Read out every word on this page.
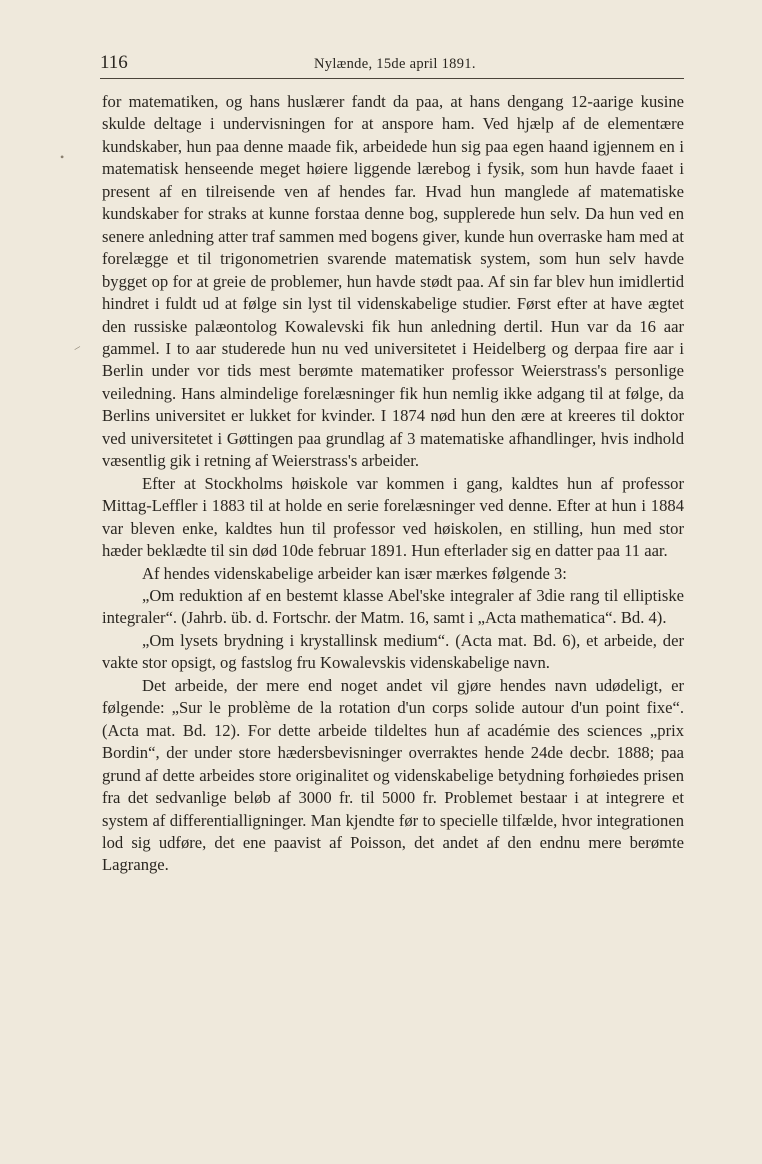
116	Nylænde, 15de april 1891.
•
‒

for matematiken, og hans huslærer fandt da paa, at hans dengang 12-aarige kusine skulde deltage i undervisningen for at anspore ham. Ved hjælp af de elementære kundskaber, hun paa denne maade fik, arbeidede hun sig paa egen haand igjennem en i matematisk henseende meget høiere liggende lærebog i fysik, som hun havde faaet i present af en tilreisende ven af hendes far. Hvad hun manglede af matematiske kundskaber for straks at kunne forstaa denne bog, supplerede hun selv. Da hun ved en senere anledning atter traf sammen med bogens giver, kunde hun overraske ham med at forelægge et til trigonometrien svarende matematisk system, som hun selv havde bygget op for at greie de problemer, hun havde stødt paa. Af sin far blev hun imidlertid hindret i fuldt ud at følge sin lyst til videnskabelige studier. Først efter at have ægtet den russiske palæontolog Kowalevski fik hun anledning dertil. Hun var da 16 aar gammel. I to aar studerede hun nu ved universitetet i Heidelberg og derpaa fire aar i Berlin under vor tids mest berømte matematiker professor Weierstrass's personlige veiledning. Hans almindelige forelæsninger fik hun nemlig ikke adgang til at følge, da Berlins universitet er lukket for kvinder. I 1874 nød hun den ære at kreeres til doktor ved universitetet i Gøttingen paa grundlag af 3 matematiske afhandlinger, hvis indhold væsentlig gik i retning af Weierstrass's arbeider.

Efter at Stockholms høiskole var kommen i gang, kaldtes hun af professor Mittag-Leffler i 1883 til at holde en serie forelæsninger ved denne. Efter at hun i 1884 var bleven enke, kaldtes hun til professor ved høiskolen, en stilling, hun med stor hæder beklædte til sin død 10de februar 1891. Hun efterlader sig en datter paa 11 aar.

Af hendes videnskabelige arbeider kan især mærkes følgende 3:

„Om reduktion af en bestemt klasse Abel'ske integraler af 3die rang til elliptiske integraler“. (Jahrb. üb. d. Fortschr. der Matm. 16, samt i „Acta mathematica“. Bd. 4).

„Om lysets brydning i krystallinsk medium“. (Acta mat. Bd. 6), et arbeide, der vakte stor opsigt, og fastslog fru Kowalevskis videnskabelige navn.

Det arbeide, der mere end noget andet vil gjøre hendes navn udødeligt, er følgende: „Sur le problème de la rotation d'un corps solide autour d'un point fixe“. (Acta mat. Bd. 12). For dette arbeide tildeltes hun af académie des sciences „prix Bordin“, der under store hædersbevisninger overraktes hende 24de decbr. 1888; paa grund af dette arbeides store originalitet og videnskabelige betydning forhøiedes prisen fra det sedvanlige beløb af 3000 fr. til 5000 fr. Problemet bestaar i at integrere et system af differentialligninger. Man kjendte før to specielle tilfælde, hvor integrationen lod sig udføre, det ene paavist af Poisson, det andet af den endnu mere berømte Lagrange.
